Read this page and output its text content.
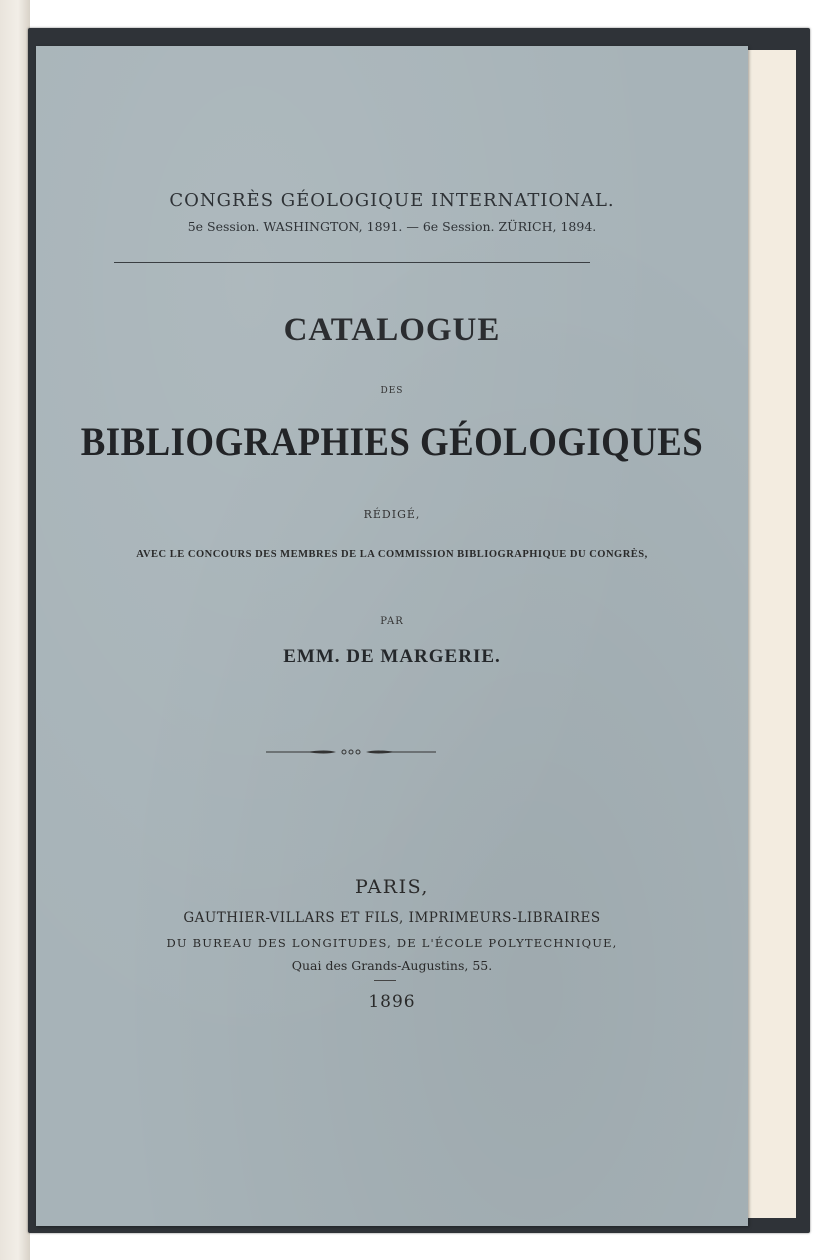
CONGRÈS GÉOLOGIQUE INTERNATIONAL.
5e Session. WASHINGTON, 1891. — 6e Session. ZÜRICH, 1894.
CATALOGUE
DES
BIBLIOGRAPHIES GÉOLOGIQUES
RÉDIGÉ,
AVEC LE CONCOURS DES MEMBRES DE LA COMMISSION BIBLIOGRAPHIQUE DU CONGRÈS,
PAR
EMM. DE MARGERIE.
PARIS,
GAUTHIER-VILLARS ET FILS, IMPRIMEURS-LIBRAIRES
DU BUREAU DES LONGITUDES, DE L'ÉCOLE POLYTECHNIQUE,
Quai des Grands-Augustins, 55.
1896
